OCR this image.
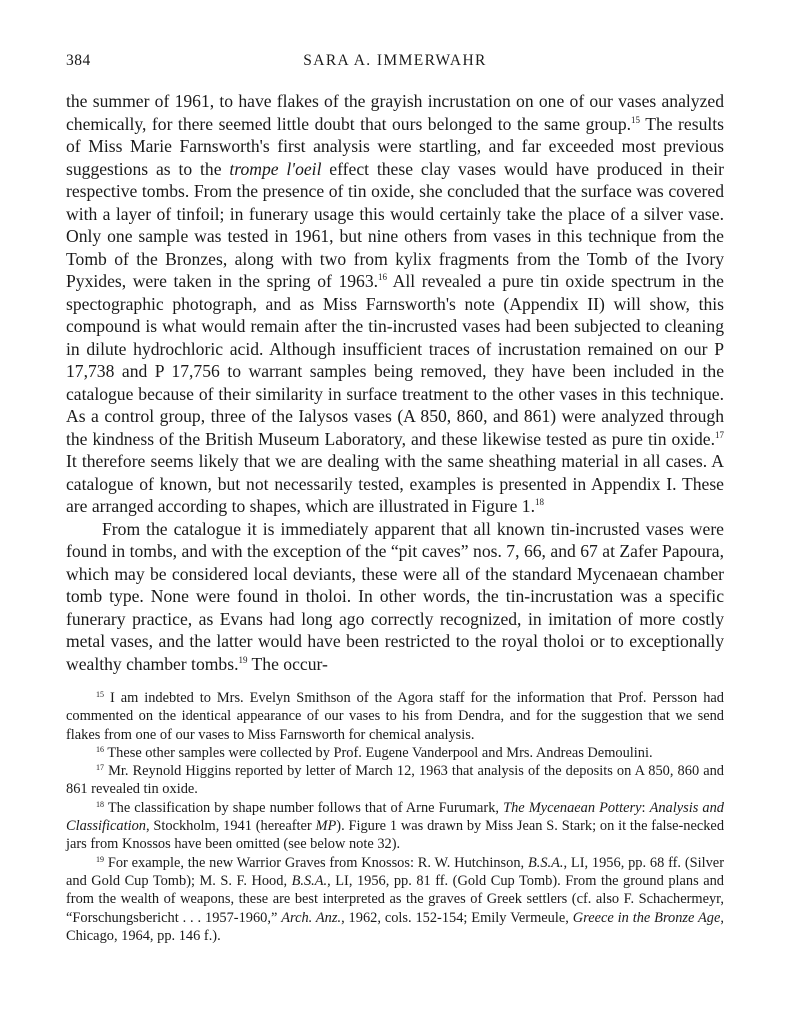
384	SARA A. IMMERWAHR

the summer of 1961, to have flakes of the grayish incrustation on one of our vases analyzed chemically, for there seemed little doubt that ours belonged to the same group.$^{15}$ The results of Miss Marie Farnsworth's first analysis were startling, and far exceeded most previous suggestions as to the trompe l'oeil effect these clay vases would have produced in their respective tombs. From the presence of tin oxide, she concluded that the surface was covered with a layer of tinfoil; in funerary usage this would certainly take the place of a silver vase. Only one sample was tested in 1961, but nine others from vases in this technique from the Tomb of the Bronzes, along with two from kylix fragments from the Tomb of the Ivory Pyxides, were taken in the spring of 1963.16 All revealed a pure tin oxide spectrum in the spectographic photograph, and as Miss Farnsworth's note (Appendix II) will show, this compound is what would remain after the tin-incrusted vases had been subjected to cleaning in dilute hydrochloric acid. Although insufficient traces of incrustation remained on our P 17,738 and P 17,756 to warrant samples being removed, they have been included in the catalogue because of their similarity in surface treatment to the other vases in this technique. As a control group, three of the Ialysos vases (A 850, 860, and 861) were analyzed through the kindness of the British Museum Laboratory, and these likewise tested as pure tin oxide.$^{17}$ It therefore seems likely that we are dealing with the same sheathing material in all cases. A catalogue of known, but not necessarily tested, examples is presented in Appendix I. These are arranged according to shapes, which are illustrated in Figure 1.18

From the catalogue it is immediately apparent that all known tin-incrusted vases were found in tombs, and with the exception of the “pit caves” nos. 7, 66, and 67 at Zafer Papoura, which may be considered local deviants, these were all of the standard Mycenaean chamber tomb type. None were found in tholoi. In other words, the tin-incrustation was a specific funerary practice, as Evans had long ago correctly recognized, in imitation of more costly metal vases, and the latter would have been restricted to the royal tholoi or to exceptionally wealthy chamber tombs.$^{19}$ The occur-

$^{15}$ I am indebted to Mrs. Evelyn Smithson of the Agora staff for the information that Prof. Persson had commented on the identical appearance of our vases to his from Dendra, and for the suggestion that we send flakes from one of our vases to Miss Farnsworth for chemical analysis.

$^{16}$ These other samples were collected by Prof. Eugene Vanderpool and Mrs. Andreas Demoulini.

$^{17}$ Mr. Reynold Higgins reported by letter of March 12, 1963 that analysis of the deposits on A 850, 860 and 861 revealed tin oxide.

$^{18}$ The classification by shape number follows that of Arne Furumark, The Mycenaean Pottery: Analysis and Classification, Stockholm, 1941 (hereafter MP). Figure 1 was drawn by Miss Jean S. Stark; on it the false-necked jars from Knossos have been omitted (see below note 32).

$^{19}$ For example, the new Warrior Graves from Knossos: R. W. Hutchinson, B.S.A., LI, 1956, pp. 68 ff. (Silver and Gold Cup Tomb); M. S. F. Hood, B.S.A., LI, 1956, pp. 81 ff. (Gold Cup Tomb). From the ground plans and from the wealth of weapons, these are best interpreted as the graves of Greek settlers (cf. also F. Schachermeyr, “Forschungsbericht . . . 1957-1960,” Arch. Anz., 1962, cols. 152-154; Emily Vermeule, Greece in the Bronze Age, Chicago, 1964, pp. 146 f.).
